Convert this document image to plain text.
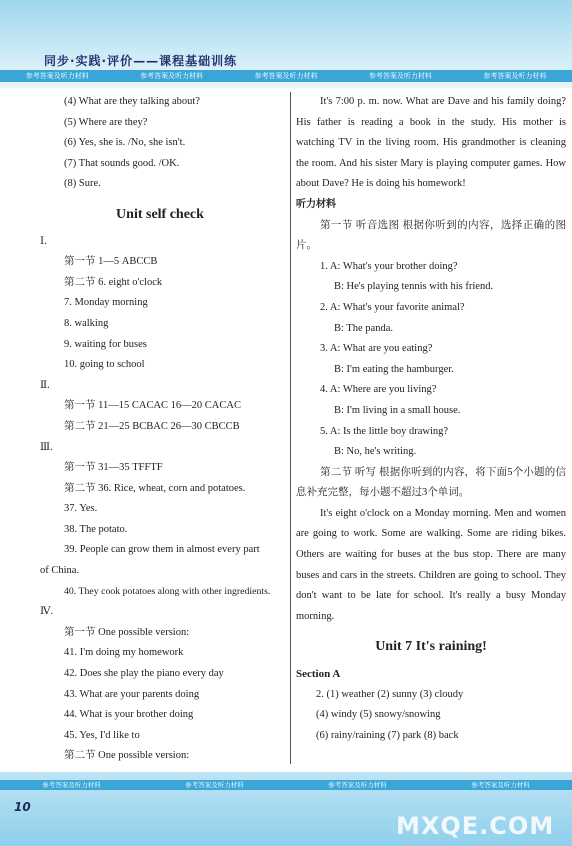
同步·实践·评价——课程基础训练
参考答案及听力材料	参考答案及听力材料	参考答案及听力材料	参考答案及听力材料	参考答案及听力材料
(4) What are they talking about?
(5) Where are they?
(6) Yes, she is. /No, she isn't.
(7) That sounds good. /OK.
(8) Sure.
Unit self check
Ⅰ.
第一节 1—5 ABCCB
第二节 6. eight o'clock
7. Monday morning
8. walking
9. waiting for buses
10. going to school
Ⅱ.
第一节 11—15 CACAC 16—20 CACAC
第二节 21—25 BCBAC 26—30 CBCCB
Ⅲ.
第一节 31—35 TFFTF
第二节 36. Rice, wheat, corn and potatoes.
37. Yes.
38. The potato.
39. People can grow them in almost every part
of China.
40. They cook potatoes along with other ingredients.
Ⅳ.
第一节 One possible version:
41. I'm doing my homework
42. Does she play the piano every day
43. What are your parents doing
44. What is your brother doing
45. Yes, I'd like to
第二节 One possible version:
It's 7:00 p. m. now. What are Dave and his family doing? His father is reading a book in the study. His mother is watching TV in the living room. His grandmother is cleaning the room. And his sister Mary is playing computer games. How about Dave? He is doing his homework!
听力材料
第一节 听音选图 根据你听到的内容，选择正确的图片。
1. A: What's your brother doing?
B: He's playing tennis with his friend.
2. A: What's your favorite animal?
B: The panda.
3. A: What are you eating?
B: I'm eating the hamburger.
4. A: Where are you living?
B: I'm living in a small house.
5. A: Is the little boy drawing?
B: No, he's writing.
第二节 听写 根据你听到的内容，将下面5个小题的信息补充完整，每小题不超过3个单词。
It's eight o'clock on a Monday morning. Men and women are going to work. Some are walking. Some are riding bikes. Others are waiting for buses at the bus stop. There are many buses and cars in the streets. Children are going to school. They don't want to be late for school. It's really a busy Monday morning.
Unit 7 It's raining!
Section A
2. (1) weather (2) sunny (3) cloudy
(4) windy (5) snowy/snowing
(6) rainy/raining (7) park (8) back
参考答案及听力材料	参考答案及听力材料	参考答案及听力材料	参考答案及听力材料
10
MXQE.COM
